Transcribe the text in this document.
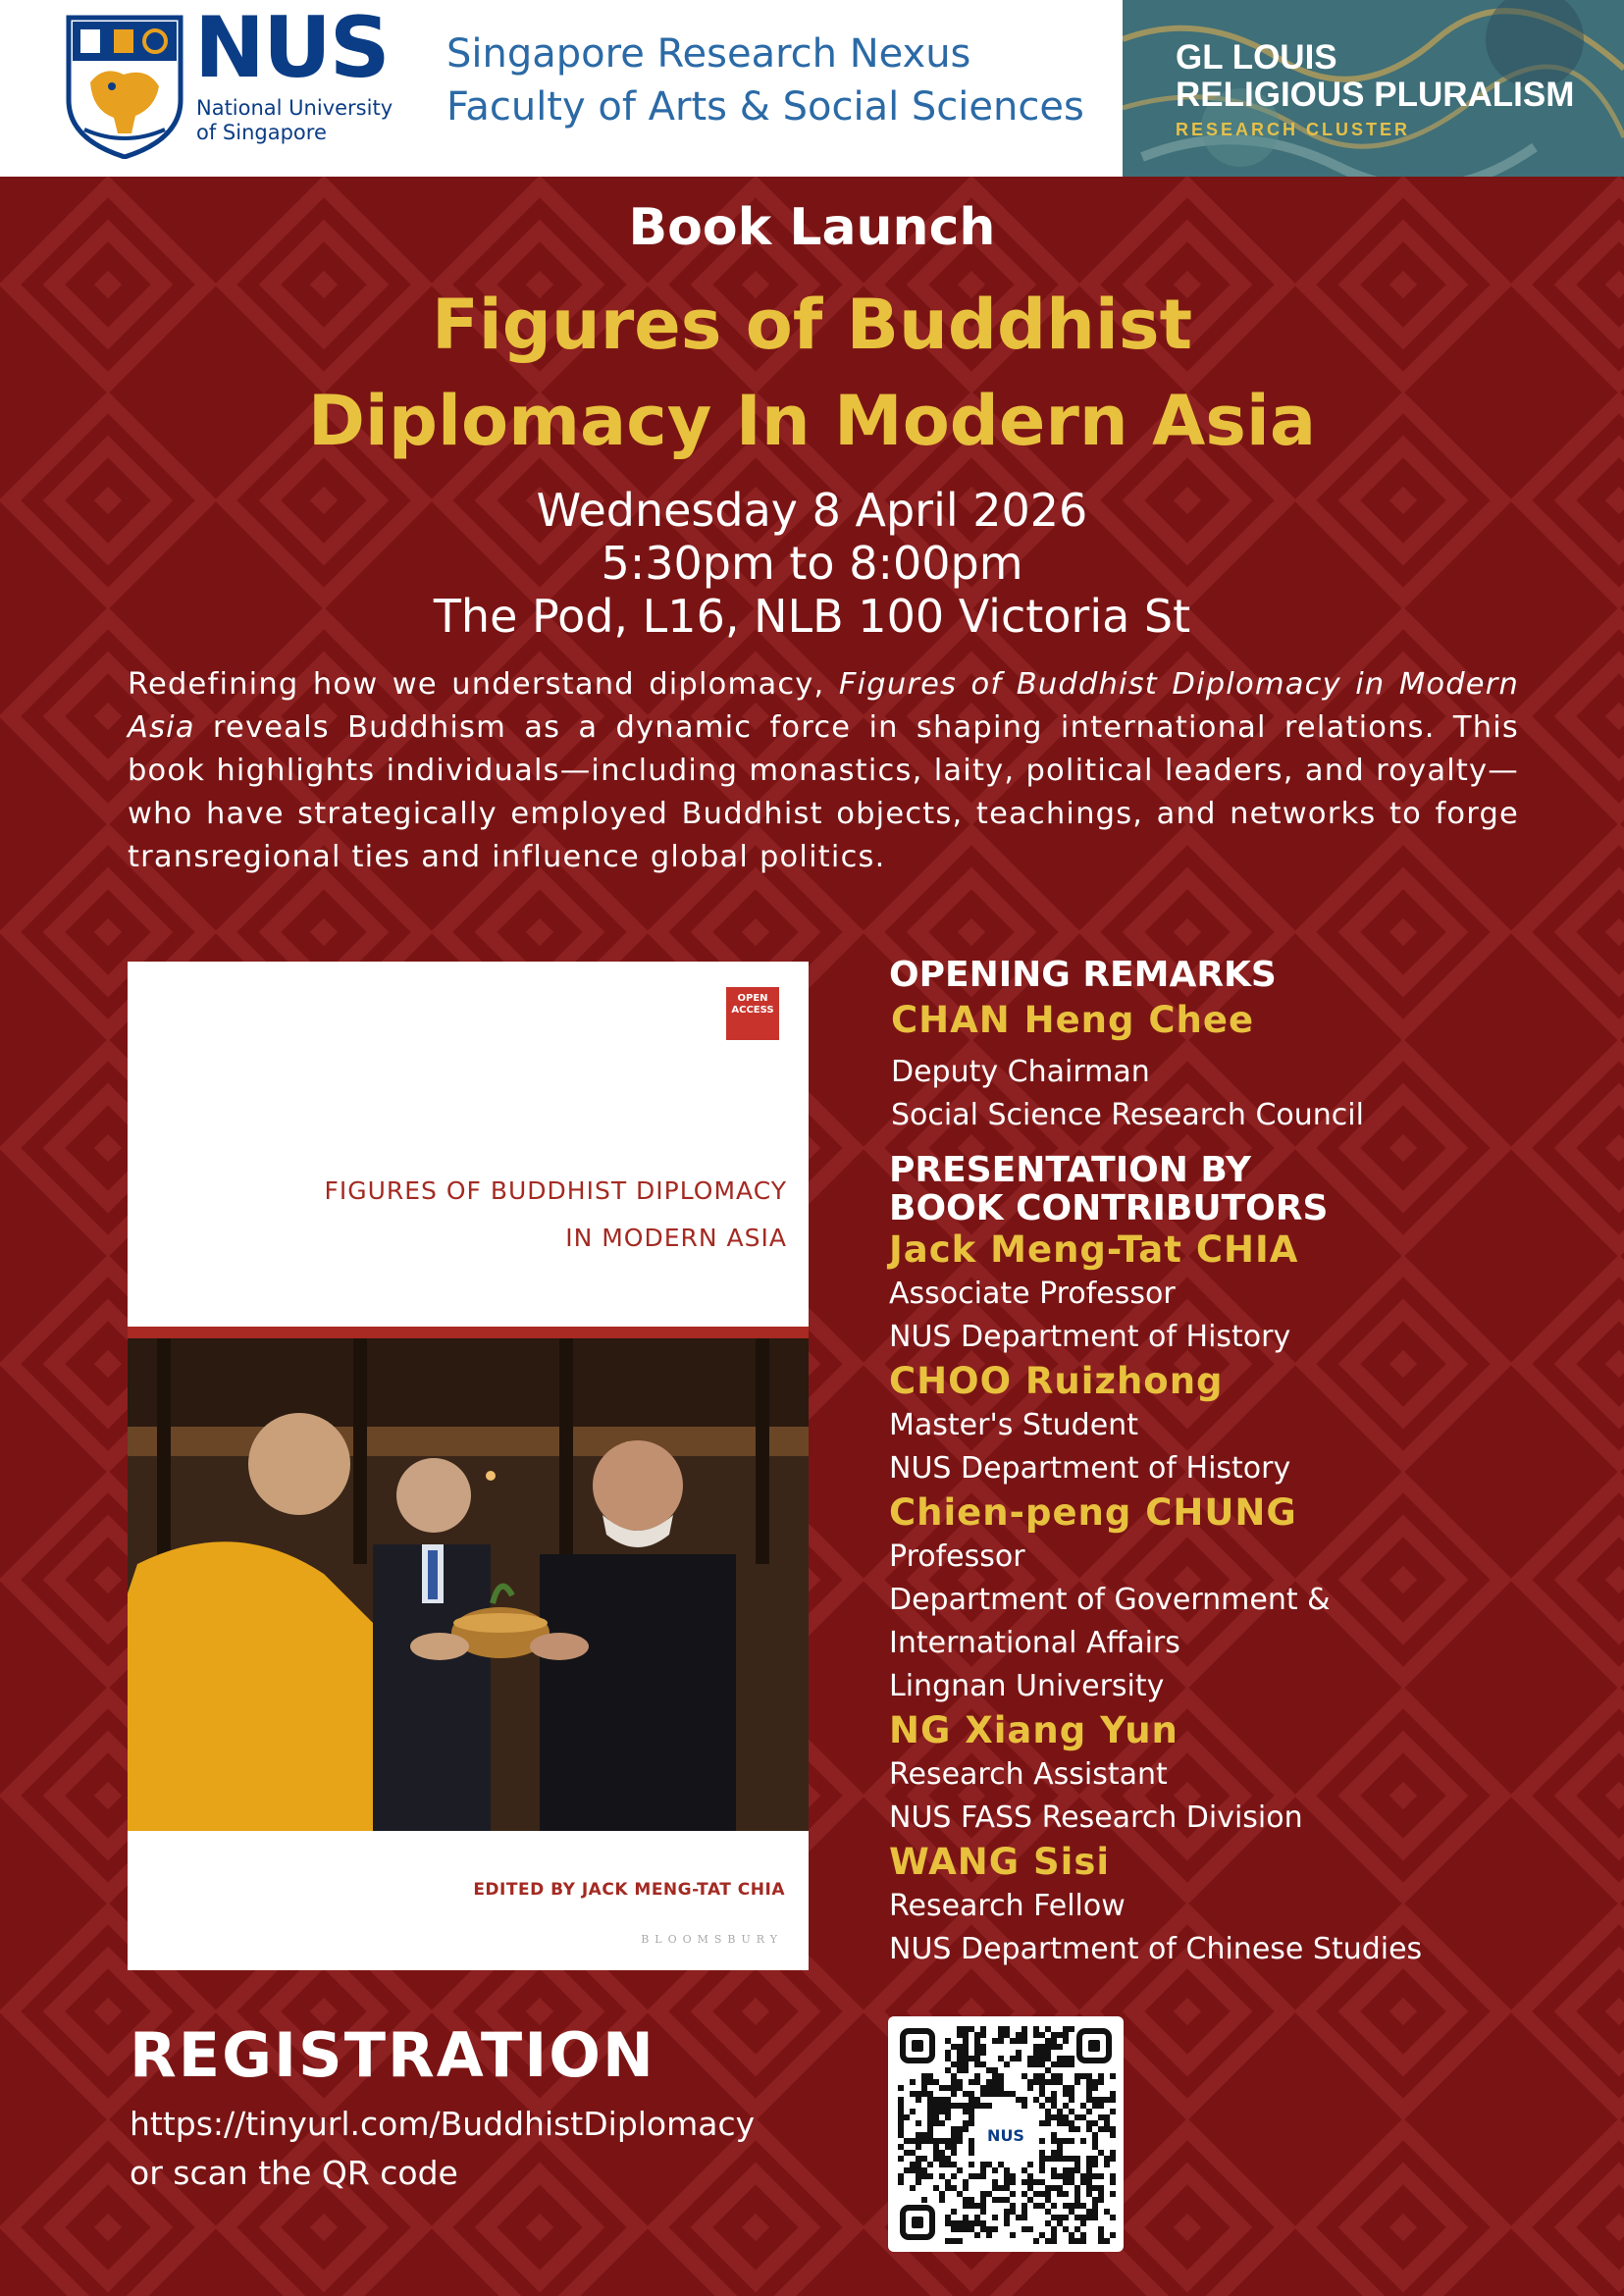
NUS
National University
of Singapore
Singapore Research Nexus
Faculty of Arts & Social Sciences
GL LOUIS
RELIGIOUS PLURALISM
RESEARCH CLUSTER
Book Launch
Figures of Buddhist
Diplomacy In Modern Asia
Wednesday 8 April 2026
5:30pm to 8:00pm
The Pod, L16, NLB 100 Victoria St
Redefining how we understand diplomacy, Figures of Buddhist Diplomacy in Modern Asia reveals Buddhism as a dynamic force in shaping international relations. This book highlights individuals—including monastics, laity, political leaders, and royalty—who have strategically employed Buddhist objects, teachings, and networks to forge transregional ties and influence global politics.
OPEN
ACCESS
FIGURES OF BUDDHIST DIPLOMACY
IN MODERN ASIA
EDITED BY JACK MENG-TAT CHIA
BLOOMSBURY
OPENING REMARKS
CHAN Heng Chee
Deputy Chairman
Social Science Research Council
PRESENTATION BY
BOOK CONTRIBUTORS
Jack Meng-Tat CHIA
Associate Professor
NUS Department of History
CHOO Ruizhong
Master's Student
NUS Department of History
Chien-peng CHUNG
Professor
Department of Government &
International Affairs
Lingnan University
NG Xiang Yun
Research Assistant
NUS FASS Research Division
WANG Sisi
Research Fellow
NUS Department of Chinese Studies
REGISTRATION
https://tinyurl.com/BuddhistDiplomacy
or scan the QR code
NUS
